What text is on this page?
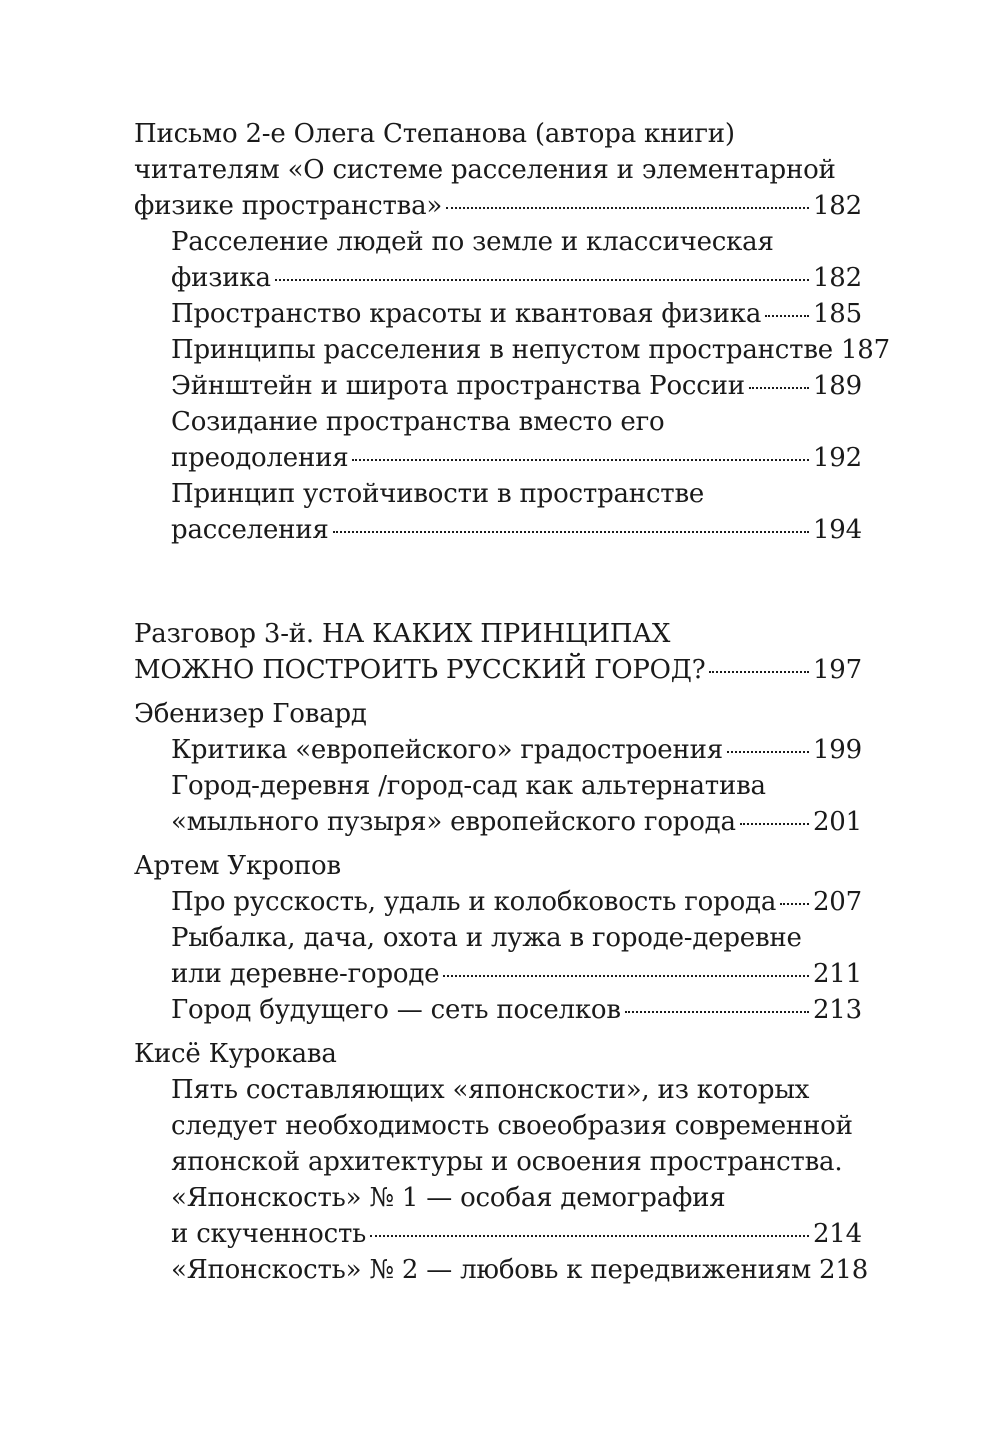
Письмо 2-е Олега Степанова (автора книги)
читателям «О системе расселения и элементарной
физике пространства»	182
Расселение людей по земле и классическая
физика	182
Пространство красоты и квантовая физика 185
Принципы расселения в непустом пространстве 187
Эйнштейн и широта пространства России	189
Созидание пространства вместо его
преодоления	192
Принцип устойчивости в пространстве
расселения	194
Разговор 3-й. НА КАКИХ ПРИНЦИПАХ
МОЖНО ПОСТРОИТЬ РУССКИЙ ГОРОД?	197
Эбенизер Говард
Критика «европейского» градостроения	199
Город-деревня /город-сад как альтернатива
«мыльного пузыря» европейского города	201
Артем Укропов
Про русскость, удаль и колобковость города 207
Рыбалка, дача, охота и лужа в городе-деревне
или деревне-городе	211
Город будущего — сеть поселков	213
Кисё Курокава
Пять составляющих «японскости», из которых
следует необходимость своеобразия современной
японской архитектуры и освоения пространства.
«Японскость» № 1 — особая демография
и скученность	214
«Японскость» № 2 — любовь к передвижениям 218
